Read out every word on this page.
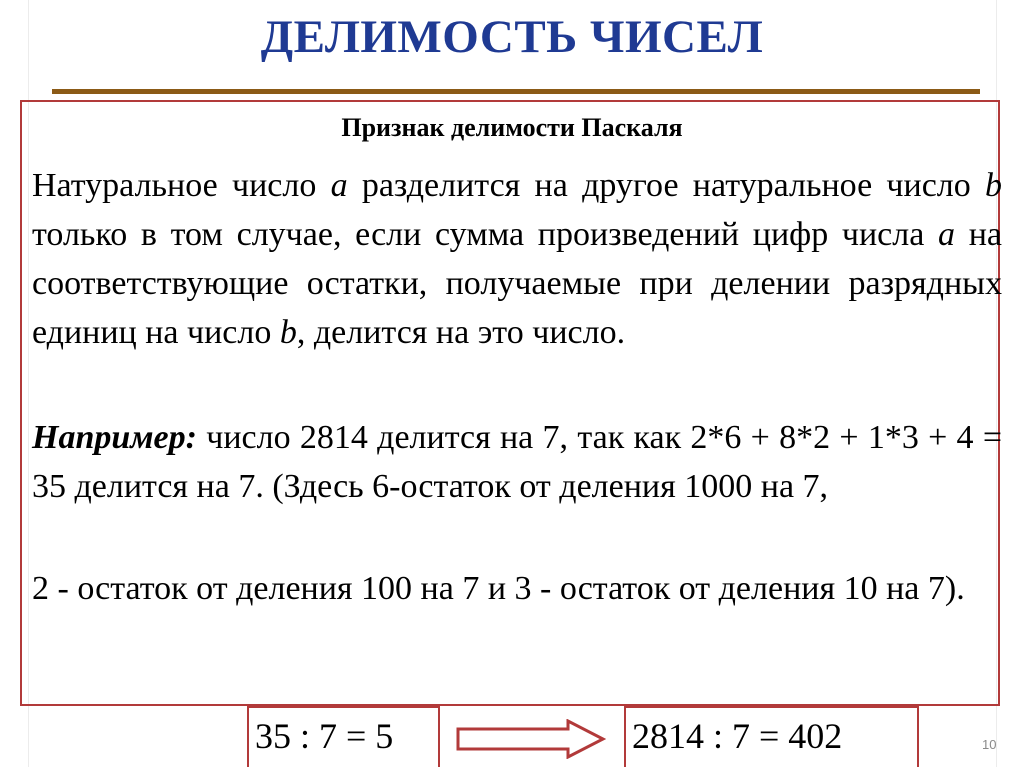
ДЕЛИМОСТЬ ЧИСЕЛ
Признак делимости Паскаля
Натуральное число a разделится на другое натуральное число b только в том случае, если сумма произведений цифр числа a на соответствующие остатки, получаемые при делении разрядных единиц на число b, делится на это число.
Например: число 2814 делится на 7, так как 2*6 + 8*2 + 1*3 + 4 = 35 делится на 7. (Здесь 6-остаток от деления 1000 на 7,
2 - остаток от деления 100 на 7 и 3 - остаток от деления 10 на 7).
35 : 7 = 5	2814 : 7 = 402	10
